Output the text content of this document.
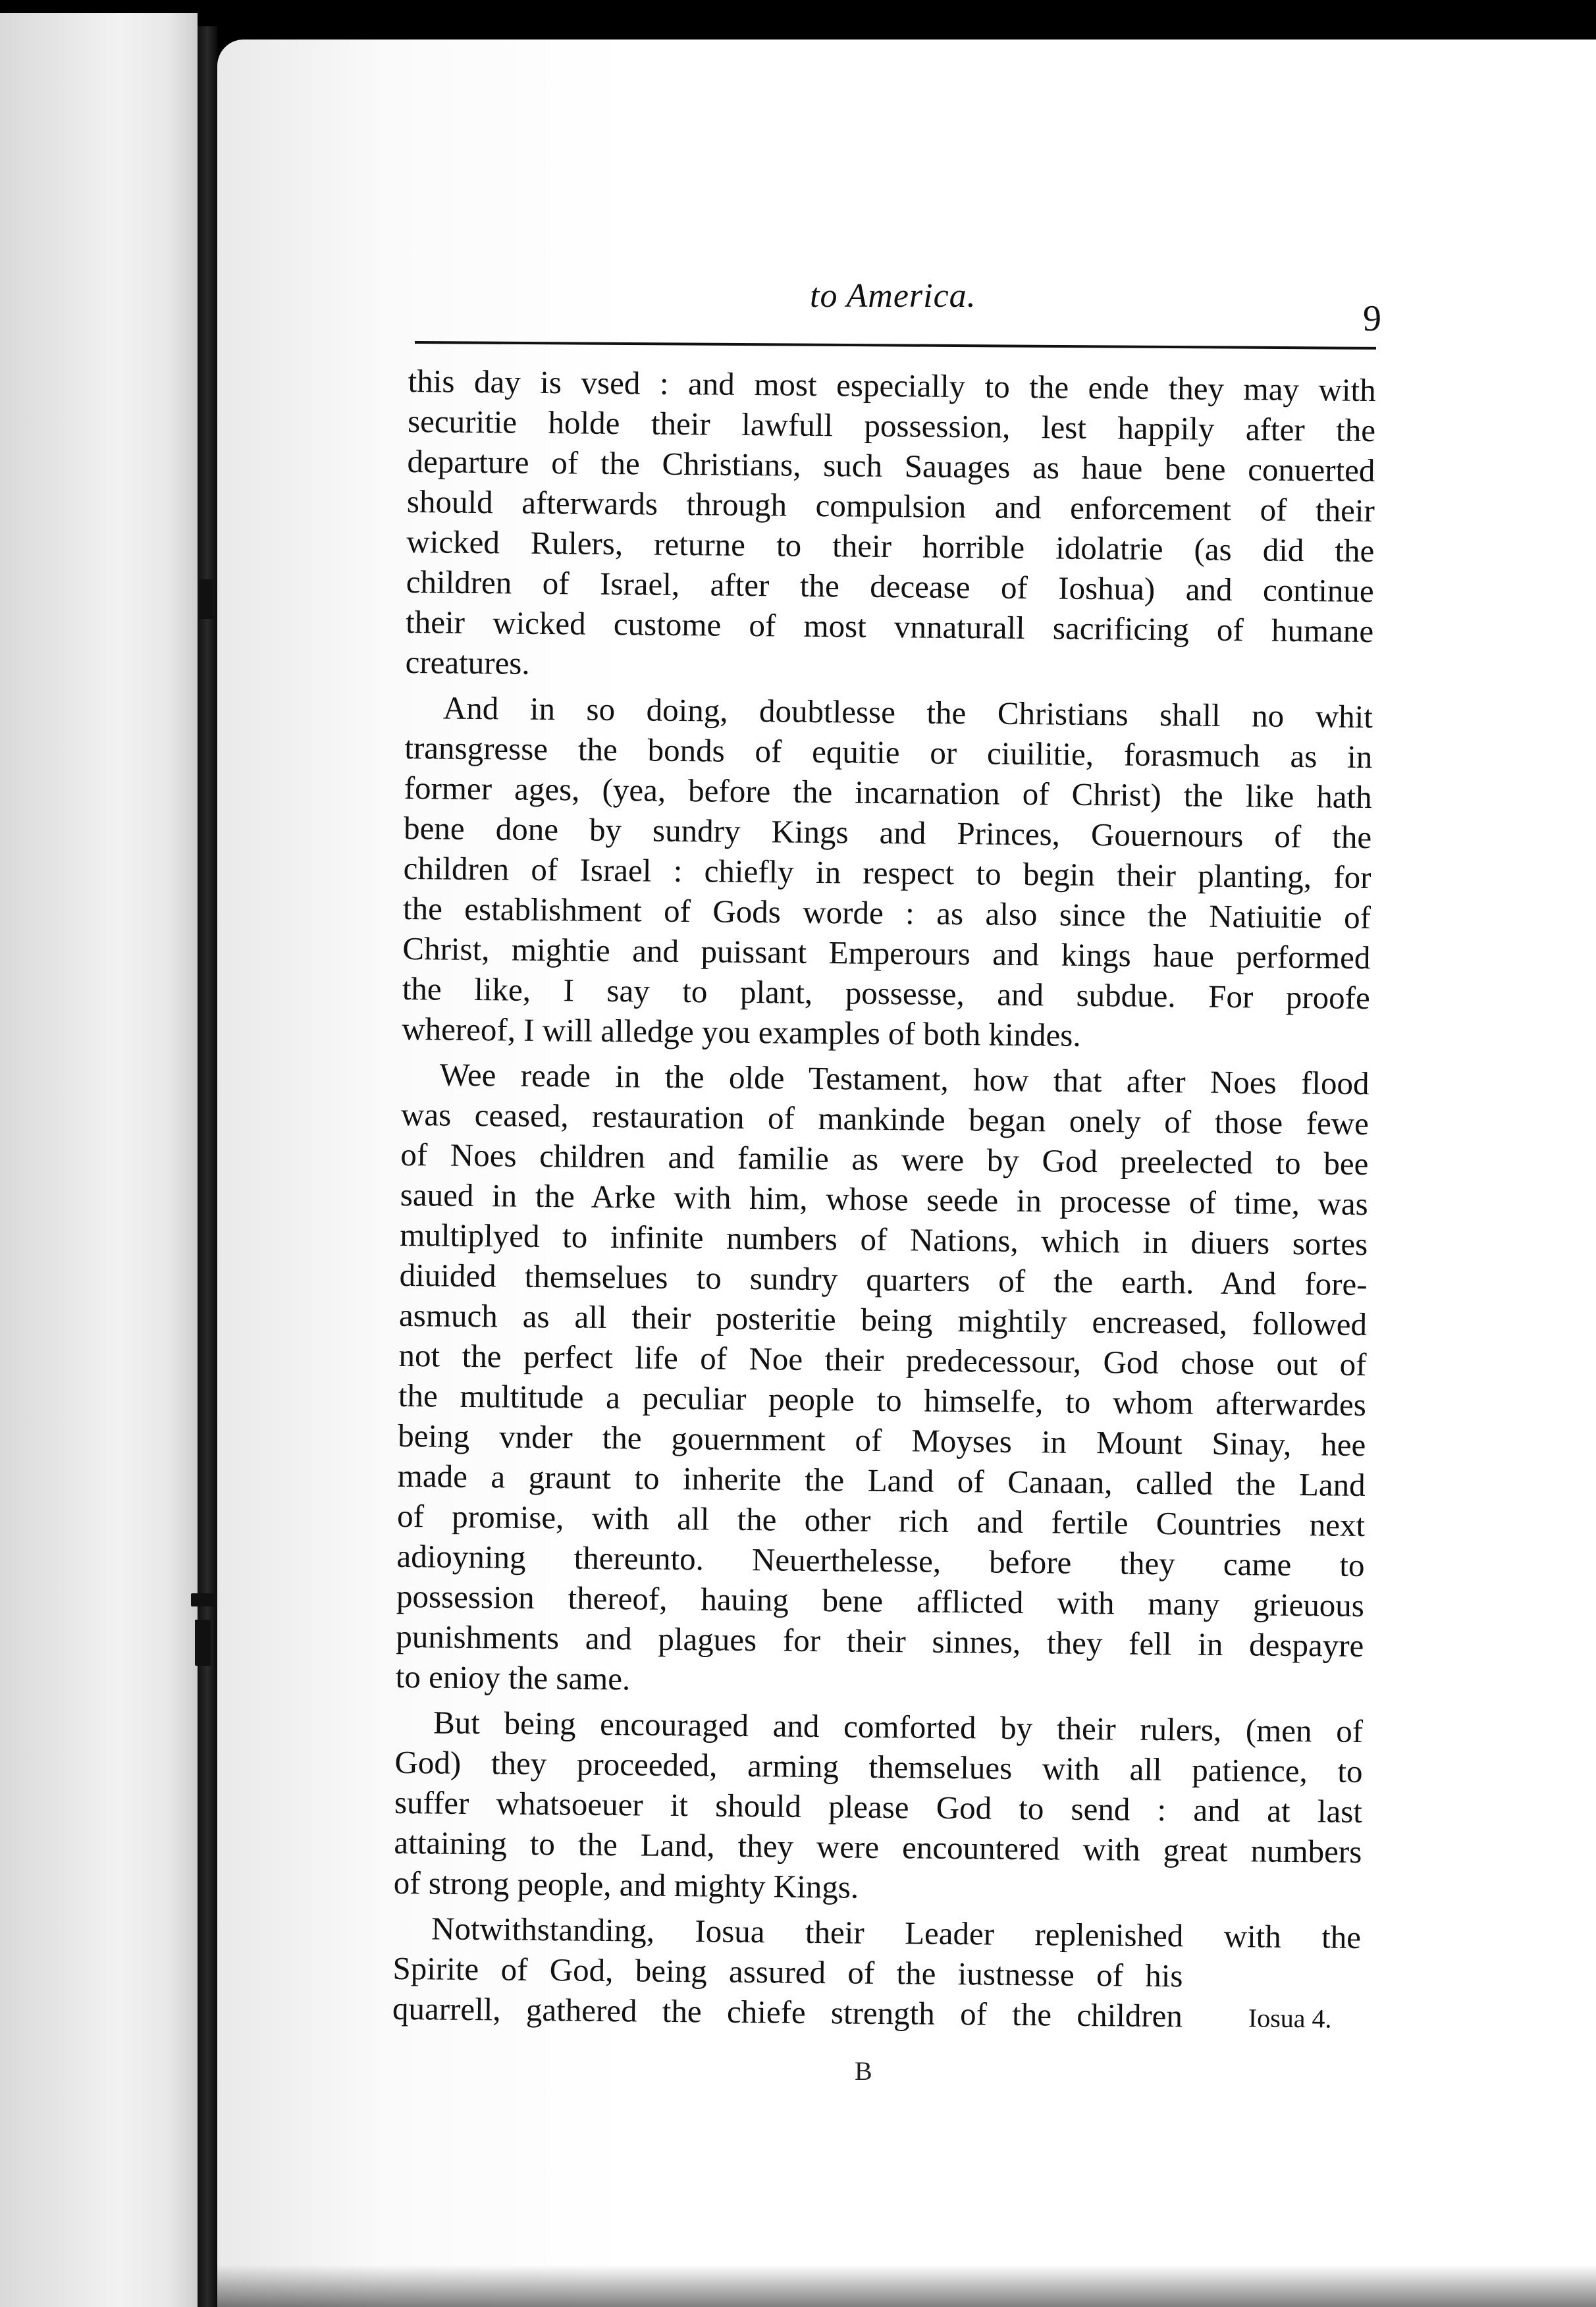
to America.
9
this day is vsed : and most especially to the ende they may with
securitie holde their lawfull possession, lest happily after the
departure of the Christians, such Sauages as haue bene conuerted
should afterwards through compulsion and enforcement of their
wicked Rulers, returne to their horrible idolatrie (as did the
children of Israel, after the decease of Ioshua) and continue
their wicked custome of most vnnaturall sacrificing of humane
creatures.
And in so doing, doubtlesse the Christians shall no whit
transgresse the bonds of equitie or ciuilitie, forasmuch as in
former ages, (yea, before the incarnation of Christ) the like hath
bene done by sundry Kings and Princes, Gouernours of the
children of Israel : chiefly in respect to begin their planting, for
the establishment of Gods worde : as also since the Natiuitie of
Christ, mightie and puissant Emperours and kings haue performed
the like, I say to plant, possesse, and subdue. For proofe
whereof, I will alledge you examples of both kindes.
Wee reade in the olde Testament, how that after Noes flood
was ceased, restauration of mankinde began onely of those fewe
of Noes children and familie as were by God preelected to bee
saued in the Arke with him, whose seede in processe of time, was
multiplyed to infinite numbers of Nations, which in diuers sortes
diuided themselues to sundry quarters of the earth. And fore-
asmuch as all their posteritie being mightily encreased, followed
not the perfect life of Noe their predecessour, God chose out of
the multitude a peculiar people to himselfe, to whom afterwardes
being vnder the gouernment of Moyses in Mount Sinay, hee
made a graunt to inherite the Land of Canaan, called the Land
of promise, with all the other rich and fertile Countries next
adioyning thereunto. Neuerthelesse, before they came to
possession thereof, hauing bene afflicted with many grieuous
punishments and plagues for their sinnes, they fell in despayre
to enioy the same.
But being encouraged and comforted by their rulers, (men of
God) they proceeded, arming themselues with all patience, to
suffer whatsoeuer it should please God to send : and at last
attaining to the Land, they were encountered with great numbers
of strong people, and mighty Kings.
Notwithstanding, Iosua their Leader replenished with the
Spirite of God, being assured of the iustnesse of his
quarrell, gathered the chiefe strength of the children Iosua 4.
B
